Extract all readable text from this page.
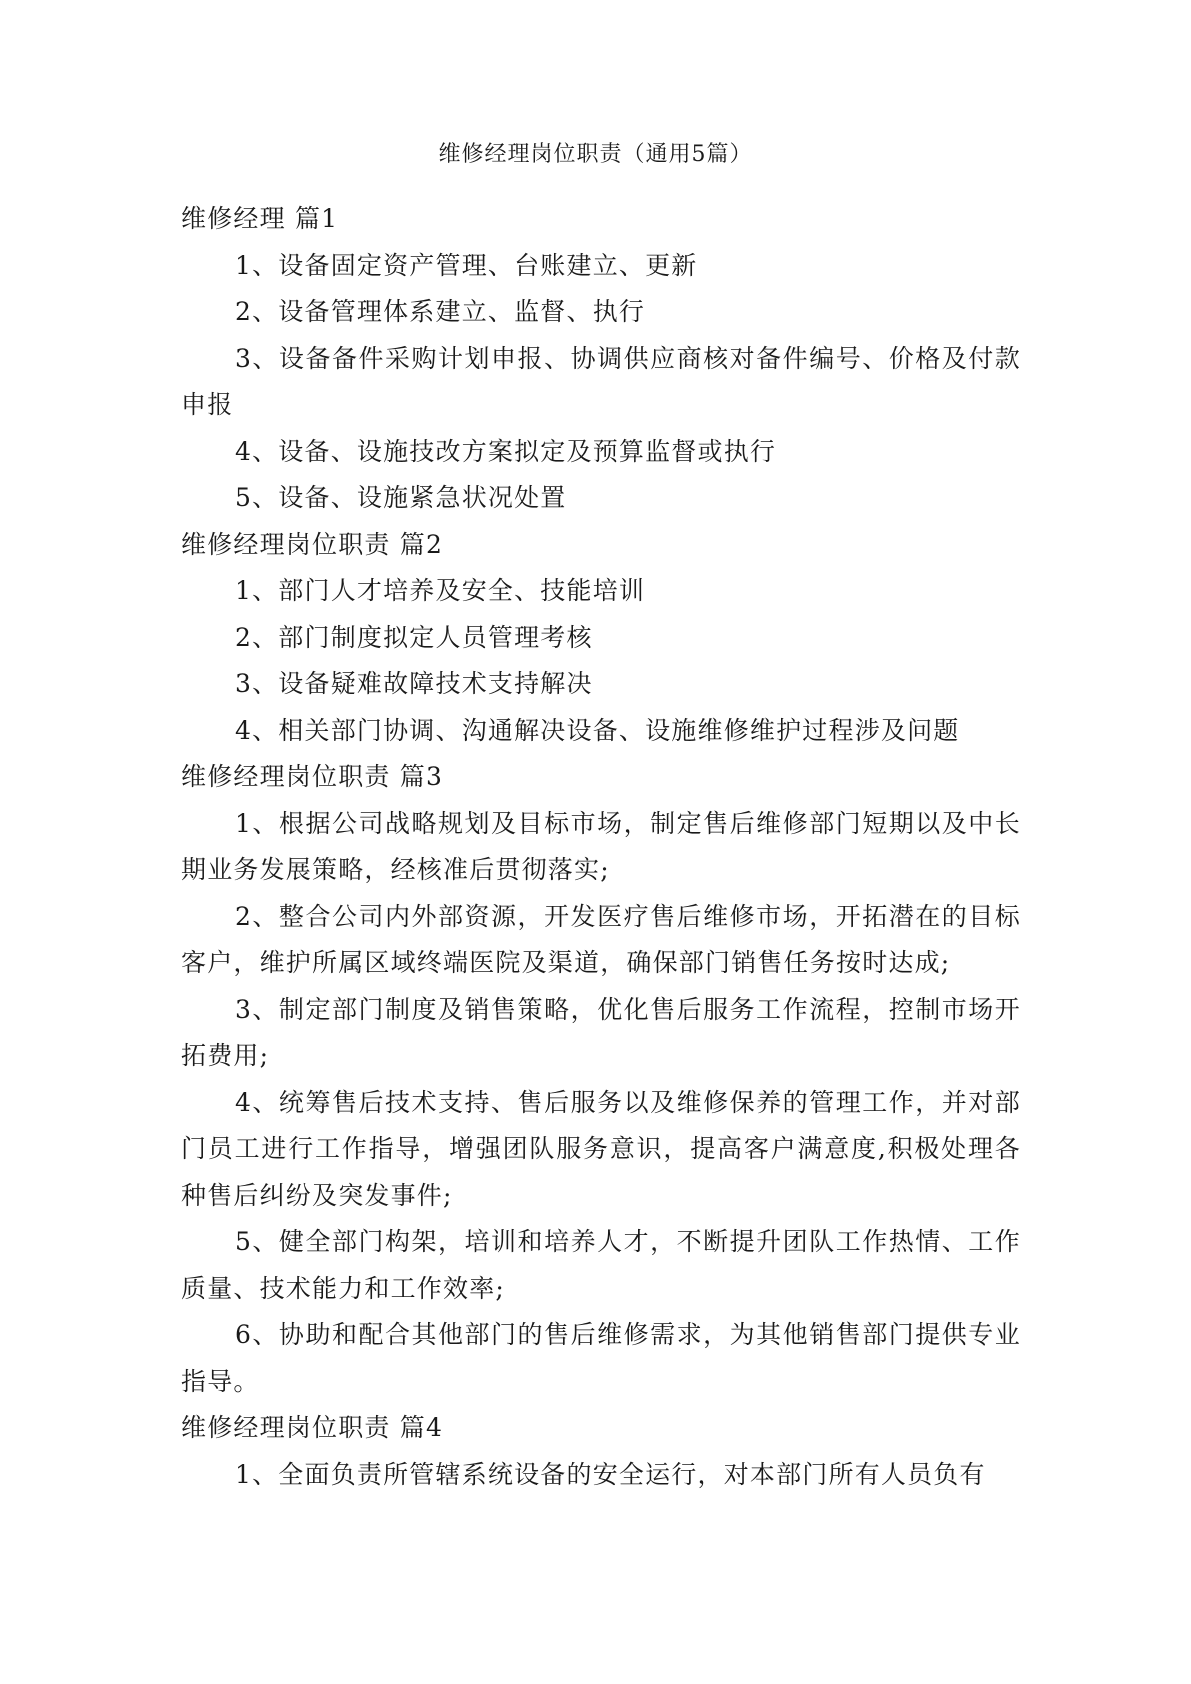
维修经理岗位职责（通用5篇）

维修经理 篇1

1、设备固定资产管理、台账建立、更新

2、设备管理体系建立、监督、执行

3、设备备件采购计划申报、协调供应商核对备件编号、价格及付款申报

4、设备、设施技改方案拟定及预算监督或执行

5、设备、设施紧急状况处置

维修经理岗位职责 篇2

1、部门人才培养及安全、技能培训

2、部门制度拟定人员管理考核

3、设备疑难故障技术支持解决

4、相关部门协调、沟通解决设备、设施维修维护过程涉及问题

维修经理岗位职责 篇3

1、根据公司战略规划及目标市场，制定售后维修部门短期以及中长期业务发展策略，经核准后贯彻落实;

2、整合公司内外部资源，开发医疗售后维修市场，开拓潜在的目标客户，维护所属区域终端医院及渠道，确保部门销售任务按时达成;

3、制定部门制度及销售策略，优化售后服务工作流程，控制市场开拓费用;

4、统筹售后技术支持、售后服务以及维修保养的管理工作，并对部门员工进行工作指导，增强团队服务意识，提高客户满意度,积极处理各种售后纠纷及突发事件;

5、健全部门构架，培训和培养人才，不断提升团队工作热情、工作质量、技术能力和工作效率;

6、协助和配合其他部门的售后维修需求，为其他销售部门提供专业指导。

维修经理岗位职责 篇4

1、全面负责所管辖系统设备的安全运行，对本部门所有人员负有
